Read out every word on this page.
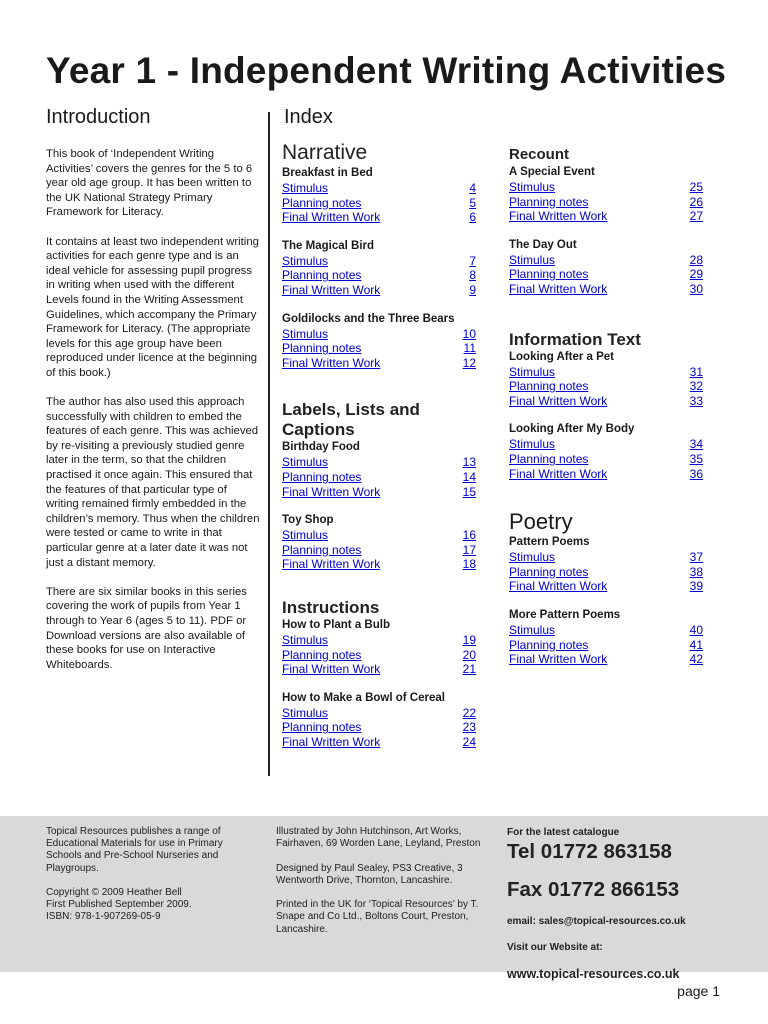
Year 1 - Independent Writing Activities
Introduction	Index

This book of ‘Independent Writing Activities’ covers the genres for the 5 to 6 year old age group. It has been written to the UK National Strategy Primary Framework for Literacy.

It contains at least two independent writing activities for each genre type and is an ideal vehicle for assessing pupil progress in writing when used with the different Levels found in the Writing Assessment Guidelines, which accompany the Primary Framework for Literacy. (The appropriate levels for this age group have been reproduced under licence at the beginning of this book.)

The author has also used this approach successfully with children to embed the features of each genre. This was achieved by re-visiting a previously studied genre later in the term, so that the children practised it once again. This ensured that the features of that particular type of writing remained firmly embedded in the children’s memory. Thus when the children were tested or came to write in that particular genre at a later date it was not just a distant memory.

There are six similar books in this series covering the work of pupils from Year 1 through to Year 6 (ages 5 to 11). PDF or Download versions are also available of these books for use on Interactive Whiteboards.

Narrative

Breakfast in Bed

Stimulus	4
Planning notes	5
Final Written Work	6

The Magical Bird

Stimulus	7
Planning notes	8
Final Written Work	9

Goldilocks and the Three Bears

Stimulus	10
Planning notes	11
Final Written Work	12
Labels, Lists and
Captions

Birthday Food

Stimulus	13
Planning notes	14
Final Written Work	15

Toy Shop

Stimulus	16
Planning notes	17
Final Written Work	18
Instructions

How to Plant a Bulb

Stimulus	19
Planning notes	20
Final Written Work	21

How to Make a Bowl of Cereal

Stimulus	22
Planning notes	23
Final Written Work	24
Recount

A Special Event

Stimulus	25
Planning notes	26
Final Written Work	27

The Day Out

Stimulus	28
Planning notes	29
Final Written Work	30
Information Text

Looking After a Pet

Stimulus	31
Planning notes	32
Final Written Work	33

Looking After My Body

Stimulus	34
Planning notes	35
Final Written Work	36
Poetry

Pattern Poems

Stimulus	37
Planning notes	38
Final Written Work	39

More Pattern Poems

Stimulus	40
Planning notes	41
Final Written Work	42

Topical Resources publishes a range of Educational Materials for use in Primary Schools and Pre-School Nurseries and Playgroups.

Copyright © 2009 Heather Bell
First Published September 2009.
ISBN: 978-1-907269-05-9

Illustrated by John Hutchinson, Art Works, Fairhaven, 69 Worden Lane, Leyland, Preston

Designed by Paul Sealey, PS3 Creative, 3 Wentworth Drive, Thornton, Lancashire.

Printed in the UK for ‘Topical Resources’ by T. Snape and Co Ltd., Boltons Court, Preston, Lancashire.

For the latest catalogue

Tel 01772 863158

Fax 01772 866153

email: sales@topical-resources.co.uk

Visit our Website at:

www.topical-resources.co.uk

page 1
